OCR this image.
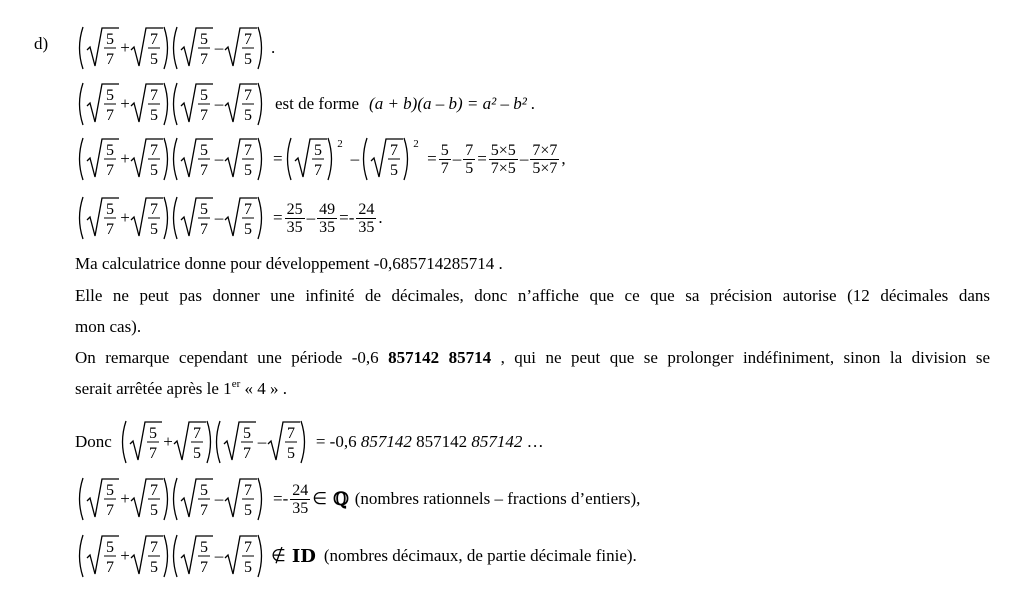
d)	5
7
+ 7
5
5
7
– 7
5
.
5
7
+ 7
5
5
7
– 7
5
est de forme (a + b)(a – b) = a² – b² .
5
7
+ 7
5
5
7
– 7
5
= 5
7
2
– 7
5
2
= $\frac{5}{7} - \frac{7}{5} = \frac{5\times 5}{7\times 5} - \frac{7\times 7}{5\times 7}$ ,
5
7
+ 7
5
5
7
– 7
5
= $\frac{25}{35} - \frac{49}{35}$ = - $\frac{24}{35}$ .
Ma calculatrice donne pour développement -0,685714285714 .
Elle ne peut pas donner une infinité de décimales, donc n’affiche que ce que sa précision autorise (12 décimales dans
mon cas).
On remarque cependant une période -0,6 857142 85714 , qui ne peut que se prolonger indéfiniment, sinon la division se
serait arrêtée après le 1er « 4 » .
Donc 5
7
+ 7
5
5
7
– 7
5
= -0,6 857142 857142 857142 …
5
7
+ 7
5
5
7
– 7
5
= - $\frac{24}{35}$ ∈ ℚ (nombres rationnels – fractions d’entiers),
5
7
+ 7
5
5
7
– 7
5
∉ ID (nombres décimaux, de partie décimale finie).
